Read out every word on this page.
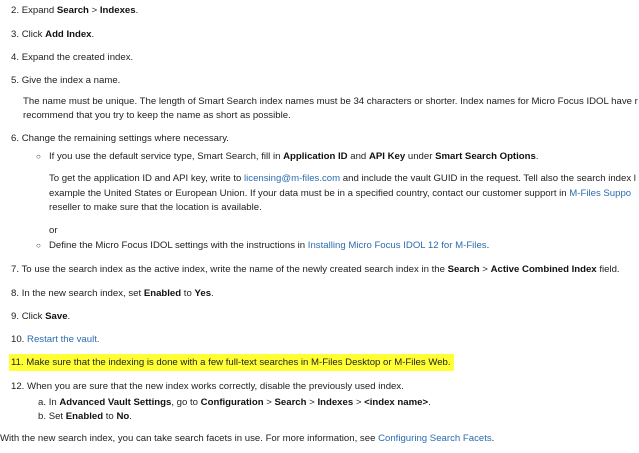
2. Expand Search > Indexes.
3. Click Add Index.
4. Expand the created index.
5. Give the index a name.
The name must be unique. The length of Smart Search index names must be 34 characters or shorter. Index names for Micro Focus IDOL have r
recommend that you try to keep the name as short as possible.
6. Change the remaining settings where necessary.
○ If you use the default service type, Smart Search, fill in Application ID and API Key under Smart Search Options.
To get the application ID and API key, write to licensing@m-files.com and include the vault GUID in the request. Tell also the search index l
example the United States or European Union. If your data must be in a specified country, contact our customer support in M-Files Suppo
reseller to make sure that the location is available.
or
○ Define the Micro Focus IDOL settings with the instructions in Installing Micro Focus IDOL 12 for M-Files.
7. To use the search index as the active index, write the name of the newly created search index in the Search > Active Combined Index field.
8. In the new search index, set Enabled to Yes.
9. Click Save.
10. Restart the vault.
11. Make sure that the indexing is done with a few full-text searches in M-Files Desktop or M-Files Web.
12. When you are sure that the new index works correctly, disable the previously used index.
a. In Advanced Vault Settings, go to Configuration > Search > Indexes > <index name>.
b. Set Enabled to No.
With the new search index, you can take search facets in use. For more information, see Configuring Search Facets.
